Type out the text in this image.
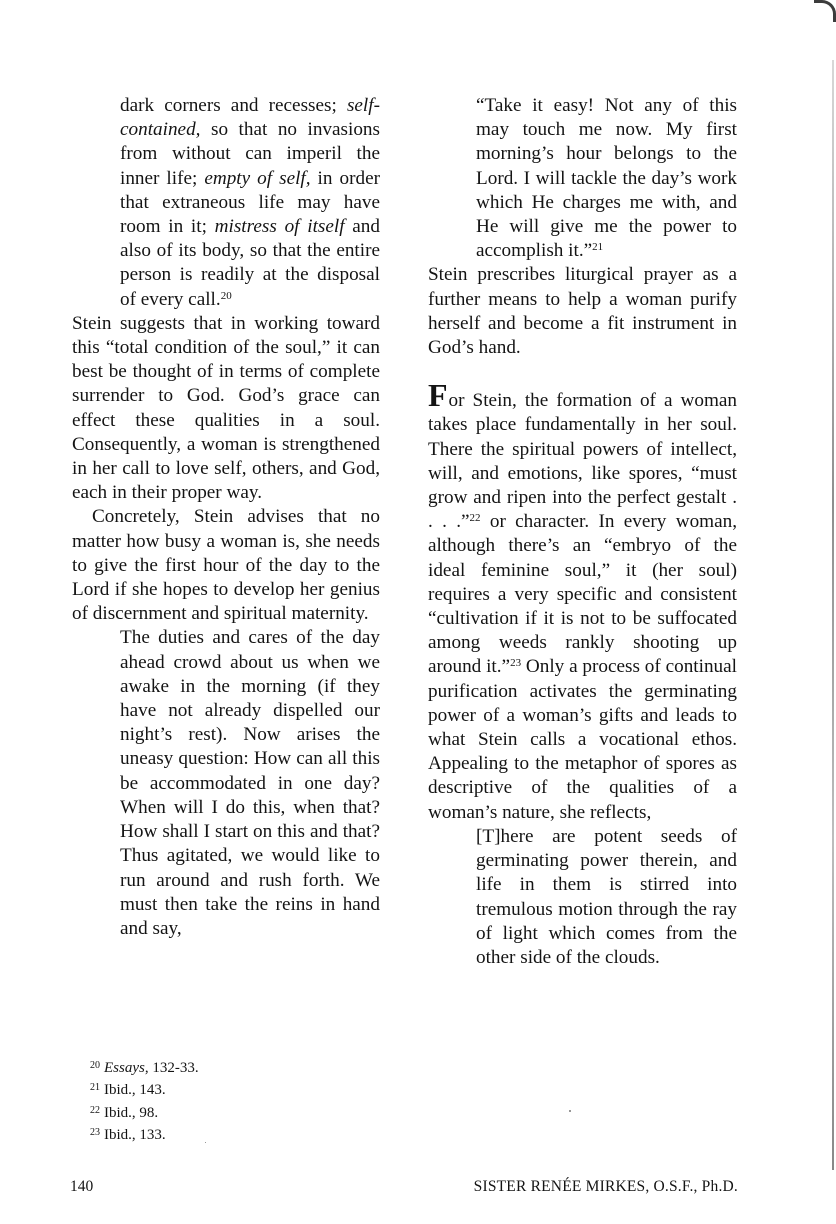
dark corners and recesses; self-contained, so that no invasions from without can imperil the inner life; empty of self, in order that extraneous life may have room in it; mistress of itself and also of its body, so that the entire person is readily at the disposal of every call.$^{20}$

Stein suggests that in working toward this “total condition of the soul,” it can best be thought of in terms of complete surrender to God. God’s grace can effect these qualities in a soul. Consequently, a woman is strengthened in her call to love self, others, and God, each in their proper way.

Concretely, Stein advises that no matter how busy a woman is, she needs to give the first hour of the day to the Lord if she hopes to develop her genius of discernment and spiritual maternity.

The duties and cares of the day ahead crowd about us when we awake in the morning (if they have not already dispelled our night’s rest). Now arises the uneasy question: How can all this be accommodated in one day? When will I do this, when that? How shall I start on this and that? Thus agitated, we would like to run around and rush forth. We must then take the reins in hand and say,

“Take it easy! Not any of this may touch me now. My first morning’s hour belongs to the Lord. I will tackle the day’s work which He charges me with, and He will give me the power to accomplish it.”$^{21}$

Stein prescribes liturgical prayer as a further means to help a woman purify herself and become a fit instrument in God’s hand.

For Stein, the formation of a woman takes place fundamentally in her soul. There the spiritual powers of intellect, will, and emotions, like spores, “must grow and ripen into the perfect gestalt . . . .”$^{22}$ or character. In every woman, although there’s an “embryo of the ideal feminine soul,” it (her soul) requires a very specific and consistent “cultivation if it is not to be suffocated among weeds rankly shooting up around it.”$^{23}$ Only a process of continual purification activates the germinating power of a woman’s gifts and leads to what Stein calls a vocational ethos. Appealing to the metaphor of spores as descriptive of the qualities of a woman’s nature, she reflects,

[T]here are potent seeds of germinating power therein, and life in them is stirred into tremulous motion through the ray of light which comes from the other side of the clouds.

$^{20}$ Essays, 132-33.
$^{21}$ Ibid., 143.
$^{22}$ Ibid., 98.
$^{23}$ Ibid., 133.
140	SISTER RENÉE MIRKES, O.S.F., Ph.D.
